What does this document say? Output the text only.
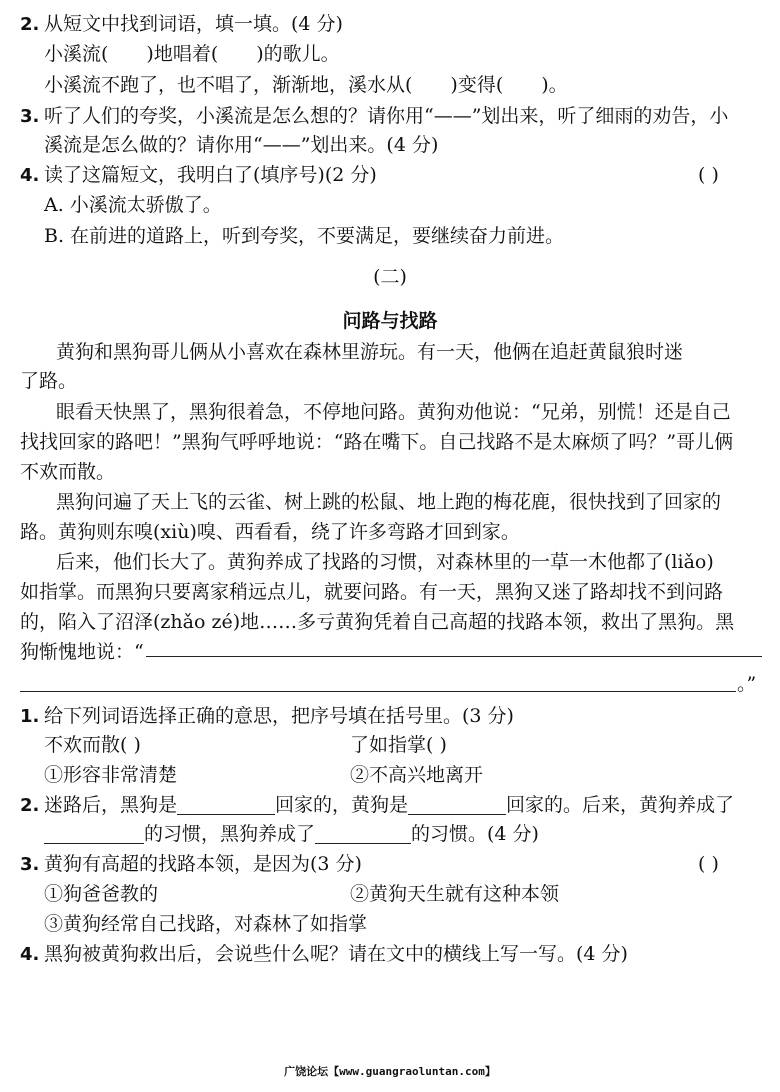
2. 从短文中找到词语，填一填。(4 分)
小溪流( )地唱着( )的歌儿。
小溪流不跑了，也不唱了，渐渐地，溪水从( )变得( )。
3. 听了人们的夸奖，小溪流是怎么想的？请你用“——”划出来，听了细雨的劝告，小
溪流是怎么做的？请你用“——”划出来。(4 分)
4. 读了这篇短文，我明白了(填序号)(2 分)	( )
A. 小溪流太骄傲了。
B. 在前进的道路上，听到夸奖，不要满足，要继续奋力前进。
(二)
问路与找路
黄狗和黑狗哥儿俩从小喜欢在森林里游玩。有一天，他俩在追赶黄鼠狼时迷
了路。
眼看天快黑了，黑狗很着急，不停地问路。黄狗劝他说：“兄弟，别慌！还是自己
找找回家的路吧！”黑狗气呼呼地说：“路在嘴下。自己找路不是太麻烦了吗？”哥儿俩
不欢而散。
黑狗问遍了天上飞的云雀、树上跳的松鼠、地上跑的梅花鹿，很快找到了回家的
路。黄狗则东嗅(xiù)嗅、西看看，绕了许多弯路才回到家。
后来，他们长大了。黄狗养成了找路的习惯，对森林里的一草一木他都了(liǎo)
如指掌。而黑狗只要离家稍远点儿，就要问路。有一天，黑狗又迷了路却找不到问路
的，陷入了沼泽(zhǎo zé)地……多亏黄狗凭着自己高超的找路本领，救出了黑狗。黑
狗惭愧地说：“
。”
1. 给下列词语选择正确的意思，把序号填在括号里。(3 分)
不欢而散( )	了如指掌( )
①形容非常清楚	②不高兴地离开
2. 迷路后，黑狗是	回家的，黄狗是	回家的。后来，黄狗养成了
的习惯，黑狗养成了	的习惯。(4 分)
3. 黄狗有高超的找路本领，是因为(3 分)	( )
①狗爸爸教的	②黄狗天生就有这种本领
③黄狗经常自己找路，对森林了如指掌
4. 黑狗被黄狗救出后，会说些什么呢？请在文中的横线上写一写。(4 分)
广饶论坛【www.guangraoluntan.com】
